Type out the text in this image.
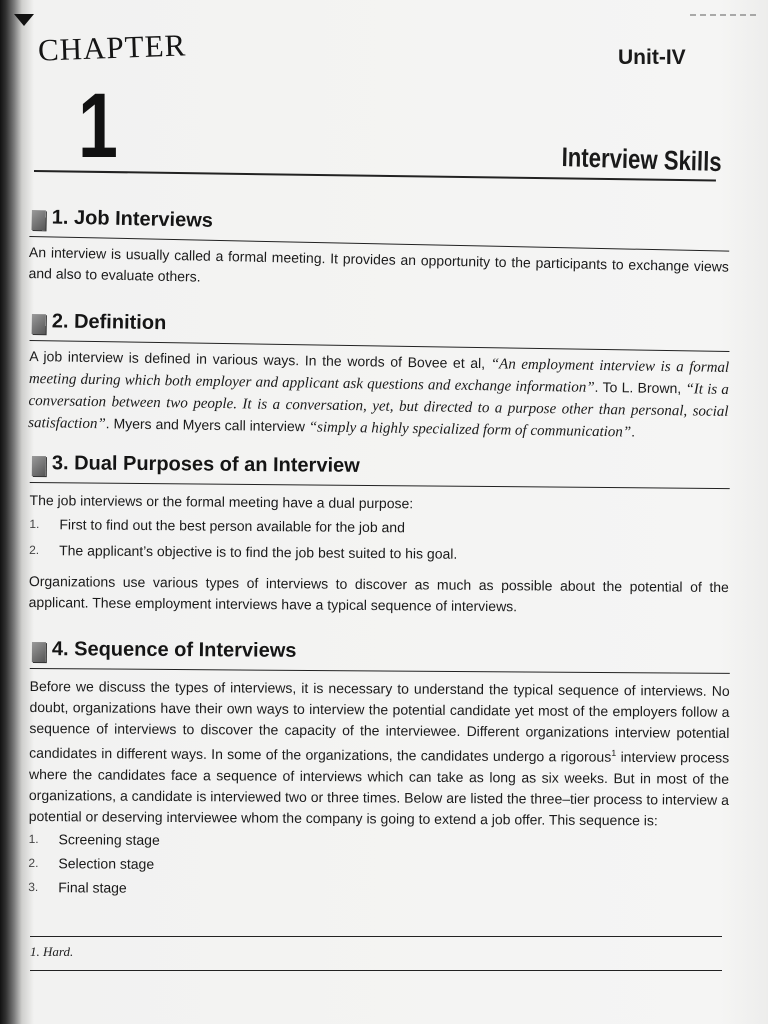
CHAPTER
1
Unit-IV
Interview Skills
1. Job Interviews
An interview is usually called a formal meeting. It provides an opportunity to the participants to exchange views and also to evaluate others.
2. Definition
A job interview is defined in various ways. In the words of Bovee et al, “An employment interview is a formal meeting during which both employer and applicant ask questions and exchange information”. To L. Brown, “It is a conversation between two people. It is a conversation, yet, but directed to a purpose other than personal, social satisfaction”. Myers and Myers call interview “simply a highly specialized form of communication”.
3. Dual Purposes of an Interview
The job interviews or the formal meeting have a dual purpose:
1. First to find out the best person available for the job and
2. The applicant’s objective is to find the job best suited to his goal.
Organizations use various types of interviews to discover as much as possible about the potential of the applicant. These employment interviews have a typical sequence of interviews.
4. Sequence of Interviews
Before we discuss the types of interviews, it is necessary to understand the typical sequence of interviews. No doubt, organizations have their own ways to interview the potential candidate yet most of the employers follow a sequence of interviews to discover the capacity of the interviewee. Different organizations interview potential candidates in different ways. In some of the organizations, the candidates undergo a rigorous$^1$ interview process where the candidates face a sequence of interviews which can take as long as six weeks. But in most of the organizations, a candidate is interviewed two or three times. Below are listed the three–tier process to interview a potential or deserving interviewee whom the company is going to extend a job offer. This sequence is:
1. Screening stage
2. Selection stage
3. Final stage
1. Hard.
